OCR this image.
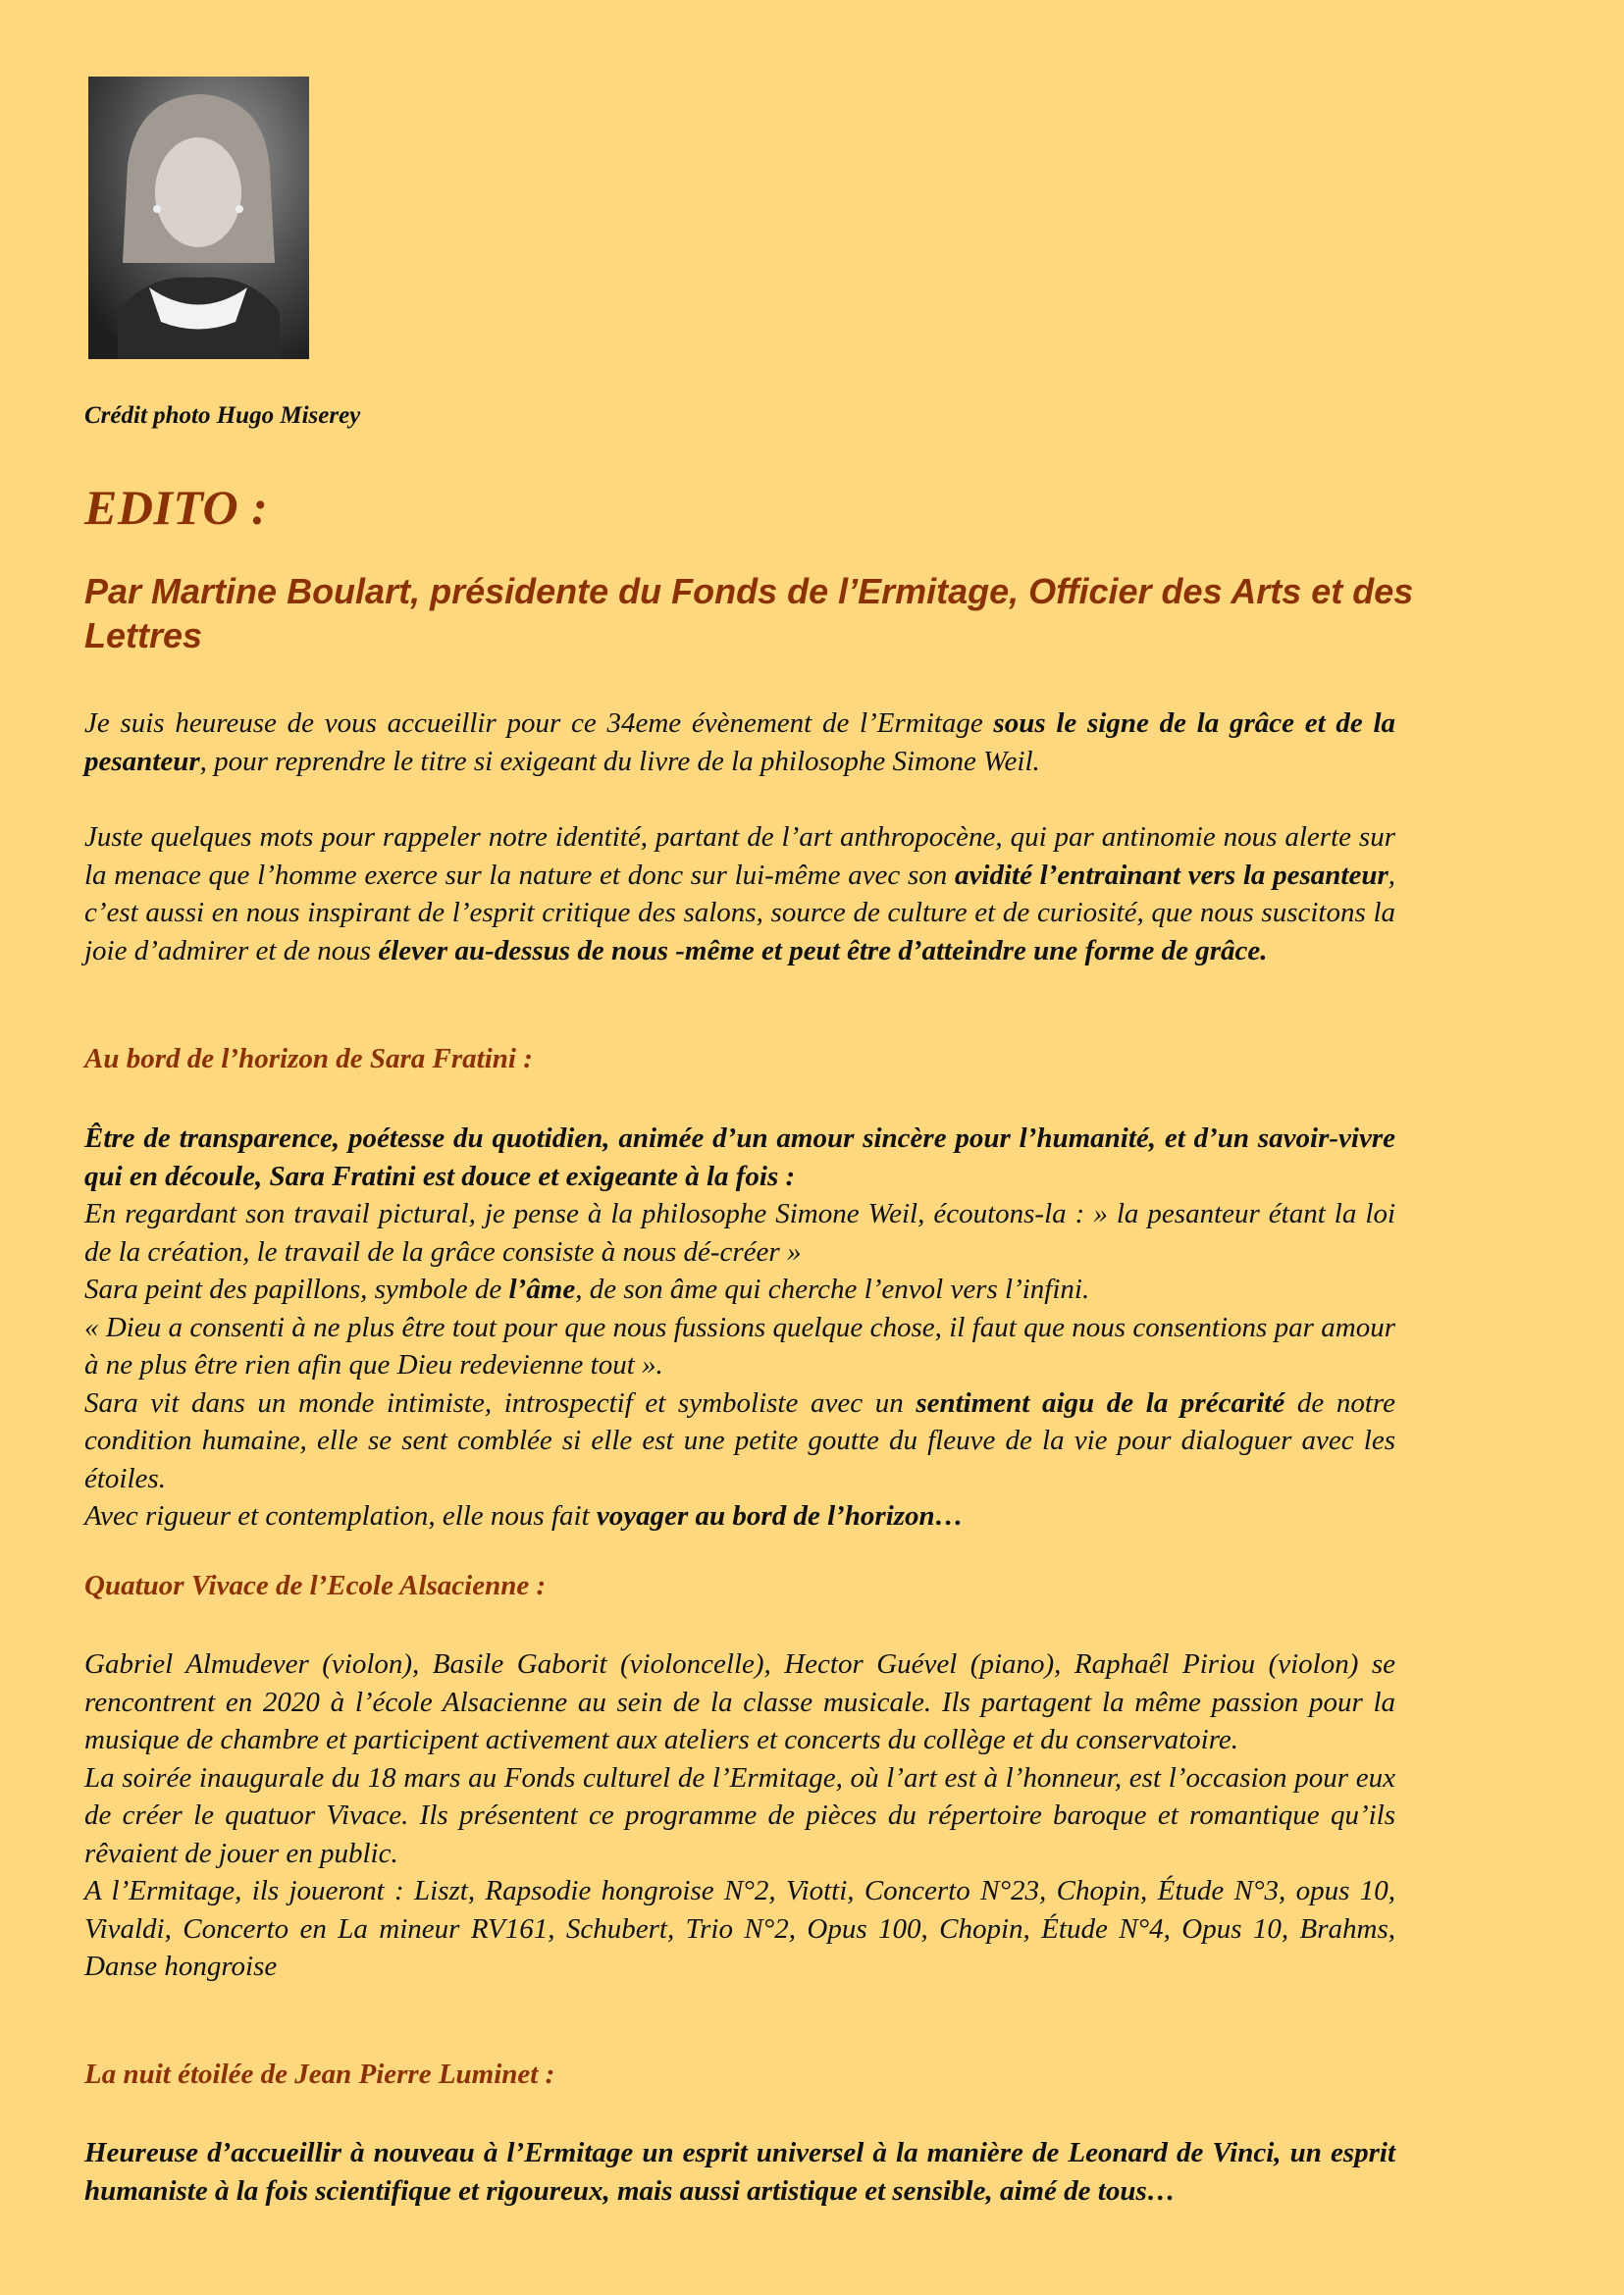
Crédit photo Hugo Miserey
EDITO :
Par Martine Boulart, présidente du Fonds de l’Ermitage, Officier des Arts et des Lettres
Je suis heureuse de vous accueillir pour ce 34eme évènement de l’Ermitage sous le signe de la grâce et de la pesanteur, pour reprendre le titre si exigeant du livre de la philosophe Simone Weil.
Juste quelques mots pour rappeler notre identité, partant de l’art anthropocène, qui par antinomie nous alerte sur la menace que l’homme exerce sur la nature et donc sur lui-même avec son avidité l’entrainant vers la pesanteur, c’est aussi en nous inspirant de l’esprit critique des salons, source de culture et de curiosité, que nous suscitons la joie d’admirer et de nous élever au-dessus de nous -même et peut être d’atteindre une forme de grâce.
Au bord de l’horizon de Sara Fratini :
Être de transparence, poétesse du quotidien, animée d’un amour sincère pour l’humanité, et d’un savoir-vivre qui en découle, Sara Fratini est douce et exigeante à la fois :
En regardant son travail pictural, je pense à la philosophe Simone Weil, écoutons-la : » la pesanteur étant la loi de la création, le travail de la grâce consiste à nous dé-créer »
Sara peint des papillons, symbole de l’âme, de son âme qui cherche l’envol vers l’infini.
« Dieu a consenti à ne plus être tout pour que nous fussions quelque chose, il faut que nous consentions par amour à ne plus être rien afin que Dieu redevienne tout ».
Sara vit dans un monde intimiste, introspectif et symboliste avec un sentiment aigu de la précarité de notre condition humaine, elle se sent comblée si elle est une petite goutte du fleuve de la vie pour dialoguer avec les étoiles.
Avec rigueur et contemplation, elle nous fait voyager au bord de l’horizon…
Quatuor Vivace de l’Ecole Alsacienne :
Gabriel Almudever (violon), Basile Gaborit (violoncelle), Hector Guével (piano), Raphaêl Piriou (violon) se rencontrent en 2020 à l’école Alsacienne au sein de la classe musicale. Ils partagent la même passion pour la musique de chambre et participent activement aux ateliers et concerts du collège et du conservatoire.
La soirée inaugurale du 18 mars au Fonds culturel de l’Ermitage, où l’art est à l’honneur, est l’occasion pour eux de créer le quatuor Vivace. Ils présentent ce programme de pièces du répertoire baroque et romantique qu’ils rêvaient de jouer en public.
A l’Ermitage, ils joueront : Liszt, Rapsodie hongroise N°2, Viotti, Concerto N°23, Chopin, Étude N°3, opus 10, Vivaldi, Concerto en La mineur RV161, Schubert, Trio N°2, Opus 100, Chopin, Étude N°4, Opus 10, Brahms, Danse hongroise
La nuit étoilée de Jean Pierre Luminet :
Heureuse d’accueillir à nouveau à l’Ermitage un esprit universel à la manière de Leonard de Vinci, un esprit humaniste à la fois scientifique et rigoureux, mais aussi artistique et sensible, aimé de tous…
